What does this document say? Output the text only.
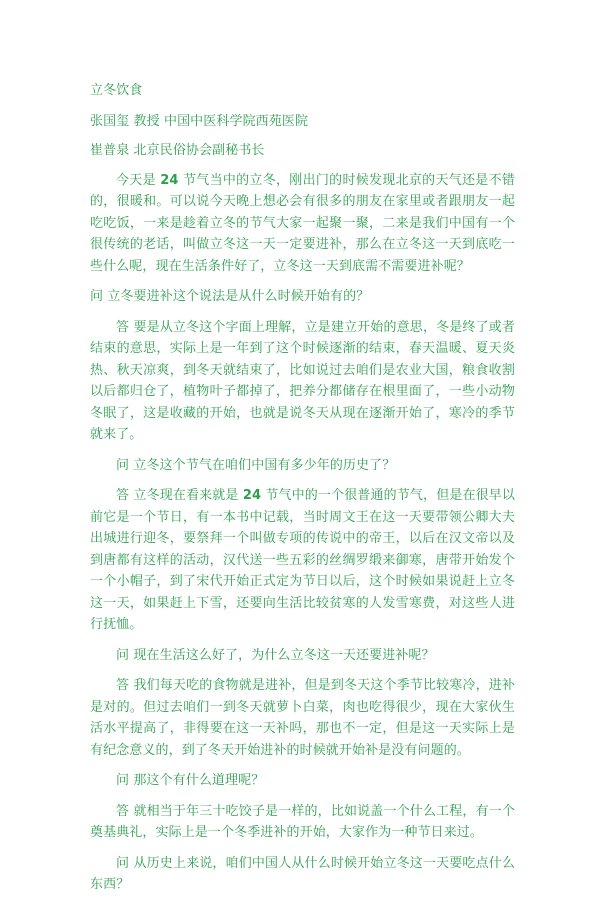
立冬饮食
张国玺 教授 中国中医科学院西苑医院
崔普泉 北京民俗协会副秘书长

今天是 24 节气当中的立冬，刚出门的时候发现北京的天气还是不错的，很暖和。可以说今天晚上想必会有很多的朋友在家里或者跟朋友一起吃吃饭，一来是趁着立冬的节气大家一起聚一聚，二来是我们中国有一个很传统的老话，叫做立冬这一天一定要进补，那么在立冬这一天到底吃一些什么呢，现在生活条件好了，立冬这一天到底需不需要进补呢？

问 立冬要进补这个说法是从什么时候开始有的？

答 要是从立冬这个字面上理解，立是建立开始的意思，冬是终了或者结束的意思，实际上是一年到了这个时候逐渐的结束，春天温暖、夏天炎热、秋天凉爽，到冬天就结束了，比如说过去咱们是农业大国，粮食收割以后都归仓了，植物叶子都掉了，把养分都储存在根里面了，一些小动物冬眠了，这是收藏的开始，也就是说冬天从现在逐渐开始了，寒冷的季节就来了。

问 立冬这个节气在咱们中国有多少年的历史了？

答 立冬现在看来就是 24 节气中的一个很普通的节气，但是在很早以前它是一个节日，有一本书中记载，当时周文王在这一天要带领公卿大夫出城进行迎冬，要祭拜一个叫做专项的传说中的帝王，以后在汉文帝以及到唐都有这样的活动，汉代送一些五彩的丝绸罗缎来御寒，唐带开始发个一个小帽子，到了宋代开始正式定为节日以后，这个时候如果说赶上立冬这一天，如果赶上下雪，还要向生活比较贫寒的人发雪寒费，对这些人进行抚恤。

问 现在生活这么好了，为什么立冬这一天还要进补呢？

答 我们每天吃的食物就是进补，但是到冬天这个季节比较寒冷，进补是对的。但过去咱们一到冬天就萝卜白菜，肉也吃得很少，现在大家伙生活水平提高了，非得要在这一天补吗，那也不一定，但是这一天实际上是有纪念意义的，到了冬天开始进补的时候就开始补是没有问题的。

问 那这个有什么道理呢？

答 就相当于年三十吃饺子是一样的，比如说盖一个什么工程，有一个奠基典礼，实际上是一个冬季进补的开始，大家作为一种节日来过。

问 从历史上来说，咱们中国人从什么时候开始立冬这一天要吃点什么东西？
